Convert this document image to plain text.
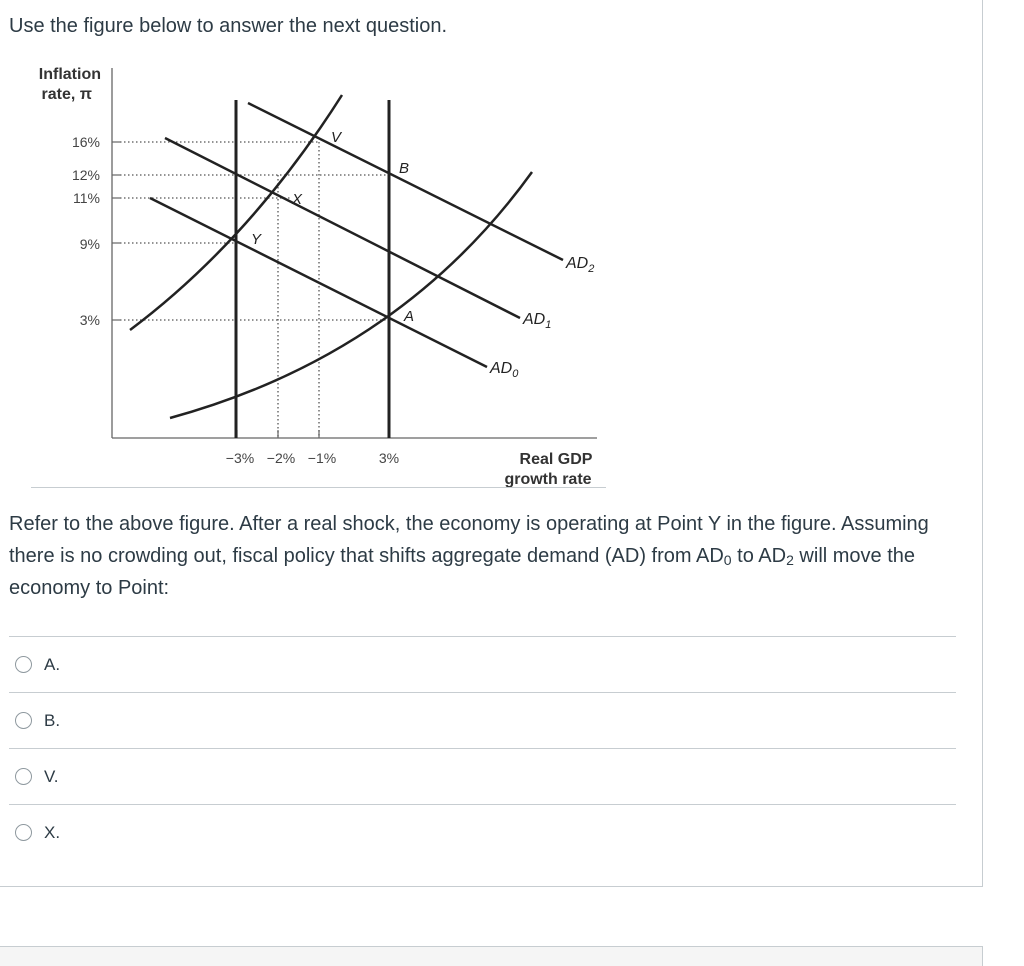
Use the figure below to answer the next question.

Inflation
rate, π
Real GDP
growth rate
16%
12%
11%
9%
3%
−3% −2% −1%	3%
$AD_2$
$AD_1$
$AD_0$
V
B
X
Y
A

Refer to the above figure. After a real shock, the economy is operating at Point Y in the figure. Assuming there is no crowding out, fiscal policy that shifts aggregate demand (AD) from $AD_0$ to $AD_2$ will move the economy to Point:

A.
B.
V.
X.
